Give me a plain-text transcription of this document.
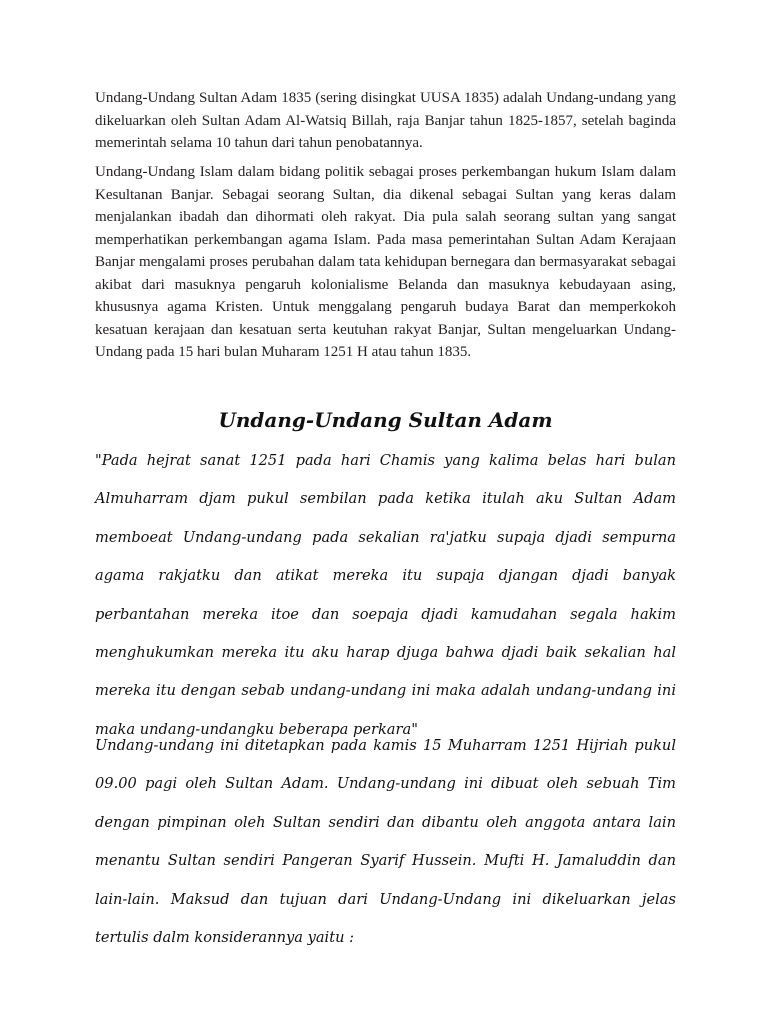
Undang-Undang Sultan Adam 1835 (sering disingkat UUSA 1835) adalah Undang-undang yang dikeluarkan oleh Sultan Adam Al-Watsiq Billah, raja Banjar tahun 1825-1857, setelah baginda memerintah selama 10 tahun dari tahun penobatannya.

Undang-Undang Islam dalam bidang politik sebagai proses perkembangan hukum Islam dalam Kesultanan Banjar. Sebagai seorang Sultan, dia dikenal sebagai Sultan yang keras dalam menjalankan ibadah dan dihormati oleh rakyat. Dia pula salah seorang sultan yang sangat memperhatikan perkembangan agama Islam. Pada masa pemerintahan Sultan Adam Kerajaan Banjar mengalami proses perubahan dalam tata kehidupan bernegara dan bermasyarakat sebagai akibat dari masuknya pengaruh kolonialisme Belanda dan masuknya kebudayaan asing, khususnya agama Kristen. Untuk menggalang pengaruh budaya Barat dan memperkokoh kesatuan kerajaan dan kesatuan serta keutuhan rakyat Banjar, Sultan mengeluarkan Undang-Undang pada 15 hari bulan Muharam 1251 H atau tahun 1835.

Undang-Undang Sultan Adam

"Pada hejrat sanat 1251 pada hari Chamis yang kalima belas hari bulan Almuharram djam pukul sembilan pada ketika itulah aku Sultan Adam memboeat Undang-undang pada sekalian ra'jatku supaja djadi sempurna agama rakjatku dan atikat mereka itu supaja djangan djadi banyak perbantahan mereka itoe dan soepaja djadi kamudahan segala hakim menghukumkan mereka itu aku harap djuga bahwa djadi baik sekalian hal mereka itu dengan sebab undang-undang ini maka adalah undang-undang ini maka undang-undangku beberapa perkara"

Undang-undang ini ditetapkan pada kamis 15 Muharram 1251 Hijriah pukul 09.00 pagi oleh Sultan Adam. Undang-undang ini dibuat oleh sebuah Tim dengan pimpinan oleh Sultan sendiri dan dibantu oleh anggota antara lain menantu Sultan sendiri Pangeran Syarif Hussein. Mufti H. Jamaluddin dan lain-lain. Maksud dan tujuan dari Undang-Undang ini dikeluarkan jelas tertulis dalm konsiderannya yaitu :
